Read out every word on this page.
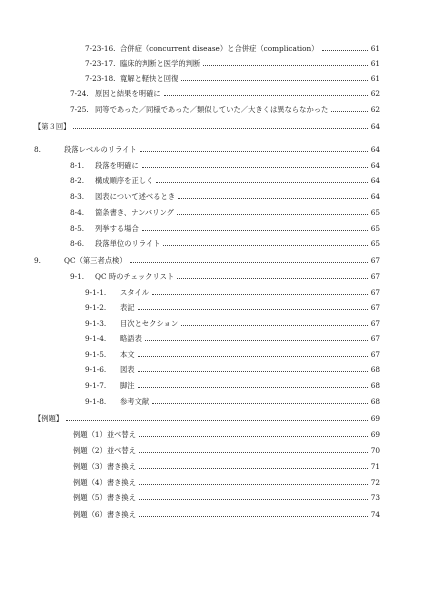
7-23-16. 合併症（concurrent disease）と合併症（complication）	61
7-23-17. 臨床的判断と医学的判断	61
7-23-18. 寛解と軽快と回復	61
7-24. 原因と結果を明確に	62
7-25. 同等であった／同様であった／類似していた／大きくは異ならなかった	62
【第３回】	64
8.	段落レベルのリライト	64
8-1.	段落を明確に	64
8-2.	構成順序を正しく	64
8-3.	図表について述べるとき	64
8-4.	箇条書き、ナンバリング	65
8-5.	列挙する場合	65
8-6.	段落単位のリライト	65
9.	QC（第三者点検）	67
9-1.	QC 時のチェックリスト	67
9-1-1.	スタイル	67
9-1-2.	表記	67
9-1-3.	目次とセクション	67
9-1-4.	略語表	67
9-1-5.	本文	67
9-1-6.	図表	68
9-1-7.	脚注	68
9-1-8.	参考文献	68
【例題】	69
例題（1）並べ替え	69
例題（2）並べ替え	70
例題（3）書き換え	71
例題（4）書き換え	72
例題（5）書き換え	73
例題（6）書き換え	74
